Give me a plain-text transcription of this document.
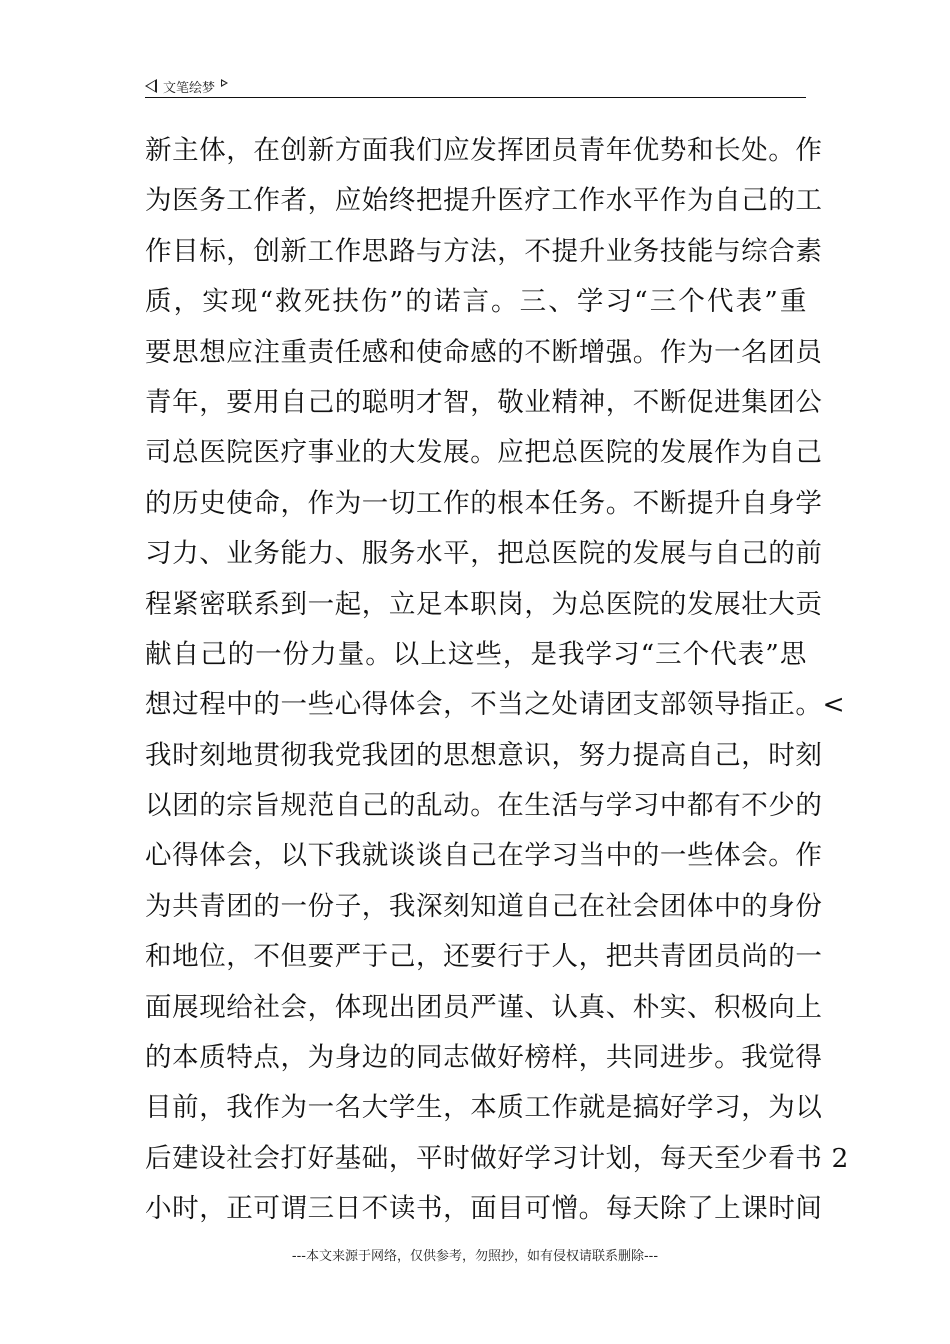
文笔绘梦
新主体，在创新方面我们应发挥团员青年优势和长处。作
为医务工作者，应始终把提升医疗工作水平作为自己的工
作目标，创新工作思路与方法，不提升业务技能与综合素
质，实现“救死扶伤”的诺言。三、学习“三个代表”重
要思想应注重责任感和使命感的不断增强。作为一名团员
青年，要用自己的聪明才智，敬业精神，不断促进集团公
司总医院医疗事业的大发展。应把总医院的发展作为自己
的历史使命，作为一切工作的根本任务。不断提升自身学
习力、业务能力、服务水平，把总医院的发展与自己的前
程紧密联系到一起，立足本职岗，为总医院的发展壮大贡
献自己的一份力量。以上这些，是我学习“三个代表”思
想过程中的一些心得体会，不当之处请团支部领导指正。<
我时刻地贯彻我党我团的思想意识，努力提高自己，时刻
以团的宗旨规范自己的乱动。在生活与学习中都有不少的
心得体会，以下我就谈谈自己在学习当中的一些体会。作
为共青团的一份子，我深刻知道自己在社会团体中的身份
和地位，不但要严于己，还要行于人，把共青团员尚的一
面展现给社会，体现出团员严谨、认真、朴实、积极向上
的本质特点，为身边的同志做好榜样，共同进步。我觉得
目前，我作为一名大学生，本质工作就是搞好学习，为以
后建设社会打好基础，平时做好学习计划，每天至少看书 2
小时，正可谓三日不读书，面目可憎。每天除了上课时间
---本文来源于网络，仅供参考，勿照抄，如有侵权请联系删除---
